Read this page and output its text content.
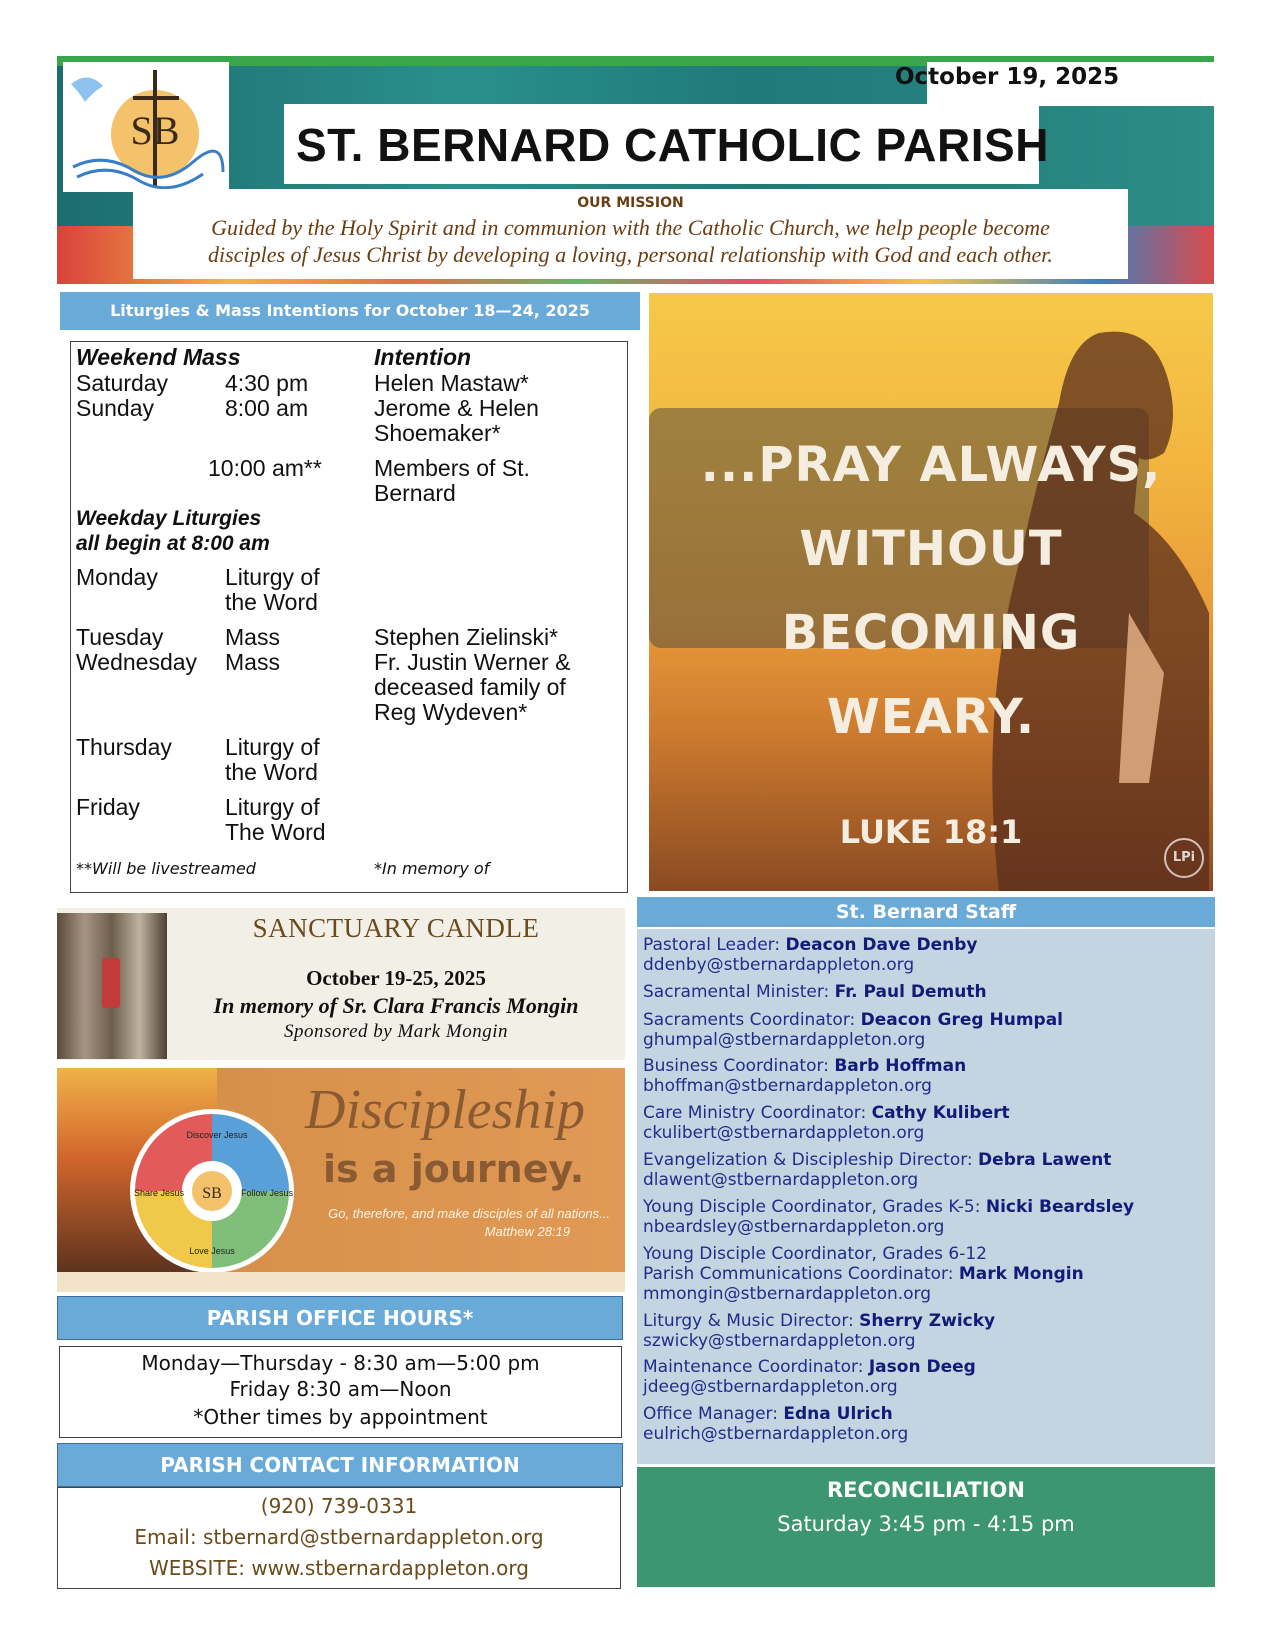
SB
October 19, 2025
ST. BERNARD CATHOLIC PARISH
OUR MISSION
Guided by the Holy Spirit and in communion with the Catholic Church, we help people become
disciples of Jesus Christ by developing a loving, personal relationship with God and each other.
Liturgies & Mass Intentions for October 18—24, 2025
Weekend Mass	Intention
Saturday 4:30 pm	Helen Mastaw*
Sunday	8:00 am	Jerome & Helen
Shoemaker*
10:00 am** Members of St.
Bernard
Weekday Liturgies
all begin at 8:00 am
Monday	Liturgy of
the Word
Tuesday	Mass	Stephen Zielinski*
Wednesday Mass	Fr. Justin Werner &
deceased family of
Reg Wydeven*
Thursday Liturgy of
the Word
Friday	Liturgy of
The Word
**Will be livestreamed	*In memory of
...PRAY ALWAYS,
WITHOUT
BECOMING
WEARY.
LUKE 18:1
LPi
SANCTUARY CANDLE
October 19-25, 2025
In memory of Sr. Clara Francis Mongin
Sponsored by Mark Mongin
SB
Discover Jesus
Follow Jesus
Love Jesus
Share Jesus
Discipleship
is a journey.
Go, therefore, and make disciples of all nations...
Matthew 28:19
PARISH OFFICE HOURS*
Monday—Thursday - 8:30 am—5:00 pm
Friday 8:30 am—Noon
*Other times by appointment
PARISH CONTACT INFORMATION
(920) 739-0331
Email: stbernard@stbernardappleton.org
WEBSITE: www.stbernardappleton.org
St. Bernard Staff
Pastoral Leader: Deacon Dave Denby
ddenby@stbernardappleton.org
Sacramental Minister: Fr. Paul Demuth
Sacraments Coordinator: Deacon Greg Humpal
ghumpal@stbernardappleton.org
Business Coordinator: Barb Hoffman
bhoffman@stbernardappleton.org
Care Ministry Coordinator: Cathy Kulibert
ckulibert@stbernardappleton.org
Evangelization & Discipleship Director: Debra Lawent
dlawent@stbernardappleton.org
Young Disciple Coordinator, Grades K-5: Nicki Beardsley
nbeardsley@stbernardappleton.org
Young Disciple Coordinator, Grades 6-12
Parish Communications Coordinator: Mark Mongin
mmongin@stbernardappleton.org
Liturgy & Music Director: Sherry Zwicky
szwicky@stbernardappleton.org
Maintenance Coordinator: Jason Deeg
jdeeg@stbernardappleton.org
Office Manager: Edna Ulrich
eulrich@stbernardappleton.org
RECONCILIATION
Saturday 3:45 pm - 4:15 pm
